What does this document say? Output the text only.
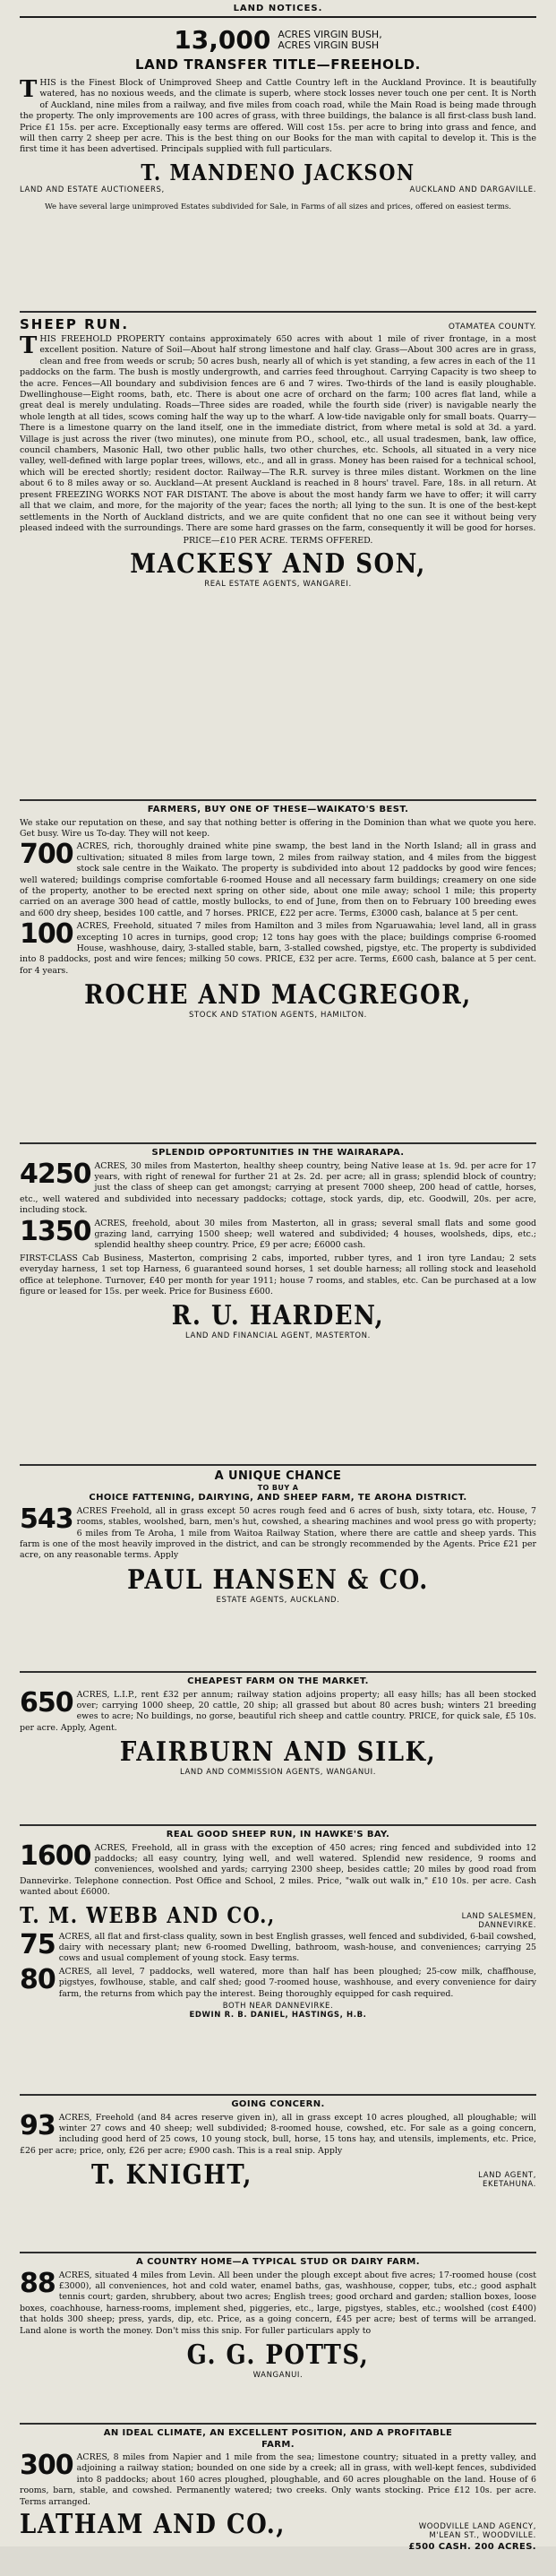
LAND NOTICES.
13,000 ACRES VIRGIN BUSH,
ACRES VIRGIN BUSH
LAND TRANSFER TITLE—FREEHOLD.
THIS is the Finest Block of Unimproved Sheep and Cattle Country left in the Auckland Province. It is beautifully watered, has no noxious weeds, and the climate is superb, where stock losses never touch one per cent. It is North of Auckland, nine miles from a railway, and five miles from coach road, while the Main Road is being made through the property. The only improvements are 100 acres of grass, with three buildings, the balance is all first-class bush land. Price £1 15s. per acre. Exceptionally easy terms are offered. Will cost 15s. per acre to bring into grass and fence, and will then carry 2 sheep per acre. This is the best thing on our Books for the man with capital to develop it. This is the first time it has been advertised. Principals supplied with full particulars.
T. MANDENO JACKSON
LAND AND ESTATE AUCTIONEERS,	AUCKLAND AND DARGAVILLE.
We have several large unimproved Estates subdivided for Sale, in Farms of all sizes and prices, offered on easiest terms.
SHEEP RUN.	OTAMATEA COUNTY.
THIS FREEHOLD PROPERTY contains approximately 650 acres with about 1 mile of river frontage, in a most excellent position. Nature of Soil—About half strong limestone and half clay. Grass—About 300 acres are in grass, clean and free from weeds or scrub; 50 acres bush, nearly all of which is yet standing, a few acres in each of the 11 paddocks on the farm. The bush is mostly undergrowth, and carries feed throughout. Carrying Capacity is two sheep to the acre. Fences—All boundary and subdivision fences are 6 and 7 wires. Two-thirds of the land is easily ploughable. Dwellinghouse—Eight rooms, bath, etc. There is about one acre of orchard on the farm; 100 acres flat land, while a great deal is merely undulating. Roads—Three sides are roaded, while the fourth side (river) is navigable nearly the whole length at all tides, scows coming half the way up to the wharf. A low-tide navigable only for small boats. Quarry—There is a limestone quarry on the land itself, one in the immediate district, from where metal is sold at 3d. a yard. Village is just across the river (two minutes), one minute from P.O., school, etc., all usual tradesmen, bank, law office, council chambers, Masonic Hall, two other public halls, two other churches, etc. Schools, all situated in a very nice valley, well-defined with large poplar trees, willows, etc., and all in grass. Money has been raised for a technical school, which will be erected shortly; resident doctor. Railway—The R.R. survey is three miles distant. Workmen on the line about 6 to 8 miles away or so. Auckland—At present Auckland is reached in 8 hours' travel. Fare, 18s. in all return. At present FREEZING WORKS NOT FAR DISTANT. The above is about the most handy farm we have to offer; it will carry all that we claim, and more, for the majority of the year; faces the north; all lying to the sun. It is one of the best-kept settlements in the North of Auckland districts, and we are quite confident that no one can see it without being very pleased indeed with the surroundings. There are some hard grasses on the farm, consequently it will be good for horses.
PRICE—£10 PER ACRE. TERMS OFFERED.
MACKESY AND SON,
REAL ESTATE AGENTS, WANGAREI.
FARMERS, BUY ONE OF THESE—WAIKATO'S BEST.
We stake our reputation on these, and say that nothing better is offering in the Dominion than what we quote you here. Get busy. Wire us To-day. They will not keep.
700 ACRES, rich, thoroughly drained white pine swamp, the best land in the North Island; all in grass and cultivation; situated 8 miles from large town, 2 miles from railway station, and 4 miles from the biggest stock sale centre in the Waikato. The property is subdivided into about 12 paddocks by good wire fences; well watered; buildings comprise comfortable 6-roomed House and all necessary farm buildings; creamery on one side of the property, another to be erected next spring on other side, about one mile away; school 1 mile; this property carried on an average 300 head of cattle, mostly bullocks, to end of June, from then on to February 100 breeding ewes and 600 dry sheep, besides 100 cattle, and 7 horses. PRICE, £22 per acre. Terms, £3000 cash, balance at 5 per cent.
100 ACRES, Freehold, situated 7 miles from Hamilton and 3 miles from Ngaruawahia; level land, all in grass excepting 10 acres in turnips, good crop; 12 tons hay goes with the place; buildings comprise 6-roomed House, washhouse, dairy, 3-stalled stable, barn, 3-stalled cowshed, pigstye, etc. The property is subdivided into 8 paddocks, post and wire fences; milking 50 cows. PRICE, £32 per acre. Terms, £600 cash, balance at 5 per cent. for 4 years.
ROCHE AND MACGREGOR,
STOCK AND STATION AGENTS, HAMILTON.
SPLENDID OPPORTUNITIES IN THE WAIRARAPA.
4250 ACRES, 30 miles from Masterton, healthy sheep country, being Native lease at 1s. 9d. per acre for 17 years, with right of renewal for further 21 at 2s. 2d. per acre; all in grass; splendid block of country; just the class of sheep can get amongst; carrying at present 7000 sheep, 200 head of cattle, horses, etc., well watered and subdivided into necessary paddocks; cottage, stock yards, dip, etc. Goodwill, 20s. per acre, including stock.
1350 ACRES, freehold, about 30 miles from Masterton, all in grass; several small flats and some good grazing land, carrying 1500 sheep; well watered and subdivided; 4 houses, woolsheds, dips, etc.; splendid healthy sheep country. Price, £9 per acre; £6000 cash.
FIRST-CLASS Cab Business, Masterton, comprising 2 cabs, imported, rubber tyres, and 1 iron tyre Landau; 2 sets everyday harness, 1 set top Harness, 6 guaranteed sound horses, 1 set double harness; all rolling stock and leasehold office at telephone. Turnover, £40 per month for year 1911; house 7 rooms, and stables, etc. Can be purchased at a low figure or leased for 15s. per week. Price for Business £600.
R. U. HARDEN,
LAND AND FINANCIAL AGENT, MASTERTON.
A UNIQUE CHANCE
TO BUY A
CHOICE FATTENING, DAIRYING, AND SHEEP FARM, TE AROHA DISTRICT.
543 ACRES Freehold, all in grass except 50 acres rough feed and 6 acres of bush, sixty totara, etc. House, 7 rooms, stables, woolshed, barn, men's hut, cowshed, a shearing machines and wool press go with property; 6 miles from Te Aroha, 1 mile from Waitoa Railway Station, where there are cattle and sheep yards. This farm is one of the most heavily improved in the district, and can be strongly recommended by the Agents. Price £21 per acre, on any reasonable terms. Apply
PAUL HANSEN & CO.
ESTATE AGENTS, AUCKLAND.
CHEAPEST FARM ON THE MARKET.
650 ACRES, L.I.P., rent £32 per annum; railway station adjoins property; all easy hills; has all been stocked over; carrying 1000 sheep, 20 cattle, 20 ship; all grassed but about 80 acres bush; winters 21 breeding ewes to acre; No buildings, no gorse, beautiful rich sheep and cattle country. PRICE, for quick sale, £5 10s. per acre. Apply, Agent.
FAIRBURN AND SILK,
LAND AND COMMISSION AGENTS, WANGANUI.
REAL GOOD SHEEP RUN, IN HAWKE'S BAY.
1600 ACRES, Freehold, all in grass with the exception of 450 acres; ring fenced and subdivided into 12 paddocks; all easy country, lying well, and well watered. Splendid new residence, 9 rooms and conveniences, woolshed and yards; carrying 2300 sheep, besides cattle; 20 miles by good road from Dannevirke. Telephone connection. Post Office and School, 2 miles. Price, "walk out walk in," £10 10s. per acre. Cash wanted about £6000.
T. M. WEBB AND CO.,	LAND SALESMEN,
DANNEVIRKE.
75 ACRES, all flat and first-class quality, sown in best English grasses, well fenced and subdivided, 6-bail cowshed, dairy with necessary plant; new 6-roomed Dwelling, bathroom, wash-house, and conveniences; carrying 25 cows and usual complement of young stock. Easy terms.
80 ACRES, all level, 7 paddocks, well watered, more than half has been ploughed; 25-cow milk, chaffhouse, pigstyes, fowlhouse, stable, and calf shed; good 7-roomed house, washhouse, and every convenience for dairy farm, the returns from which pay the interest. Being thoroughly equipped for cash required.
BOTH NEAR DANNEVIRKE.
EDWIN R. B. DANIEL, HASTINGS, H.B.
GOING CONCERN.
93 ACRES, Freehold (and 84 acres reserve given in), all in grass except 10 acres ploughed, all ploughable; will winter 27 cows and 40 sheep; well subdivided; 8-roomed house, cowshed, etc. For sale as a going concern, including good herd of 25 cows, 10 young stock, bull, horse, 15 tons hay, and utensils, implements, etc. Price, £26 per acre; price, only, £26 per acre; £900 cash. This is a real snip. Apply
T. KNIGHT,	LAND AGENT,
EKETAHUNA.
A COUNTRY HOME—A TYPICAL STUD OR DAIRY FARM.
88 ACRES, situated 4 miles from Levin. All been under the plough except about five acres; 17-roomed house (cost £3000), all conveniences, hot and cold water, enamel baths, gas, washhouse, copper, tubs, etc.; good asphalt tennis court; garden, shrubbery, about two acres; English trees; good orchard and garden; stallion boxes, loose boxes, coachhouse, harness-rooms, implement shed, piggeries, etc., large, pigstyes, stables, etc.; woolshed (cost £400) that holds 300 sheep; press, yards, dip, etc. Price, as a going concern, £45 per acre; best of terms will be arranged. Land alone is worth the money. Don't miss this snip. For fuller particulars apply to
G. G. POTTS,
WANGANUI.
AN IDEAL CLIMATE, AN EXCELLENT POSITION, AND A PROFITABLE
FARM.
300 ACRES, 8 miles from Napier and 1 mile from the sea; limestone country; situated in a pretty valley, and adjoining a railway station; bounded on one side by a creek; all in grass, with well-kept fences, subdivided into 8 paddocks; about 160 acres ploughed, ploughable, and 60 acres ploughable on the land. House of 6 rooms, barn, stable, and cowshed. Permanently watered; two creeks. Only wants stocking. Price £12 10s. per acre. Terms arranged.
LATHAM AND CO.,	WOODVILLE LAND AGENCY,
M'LEAN ST., WOODVILLE.
£500 CASH. 200 ACRES.
